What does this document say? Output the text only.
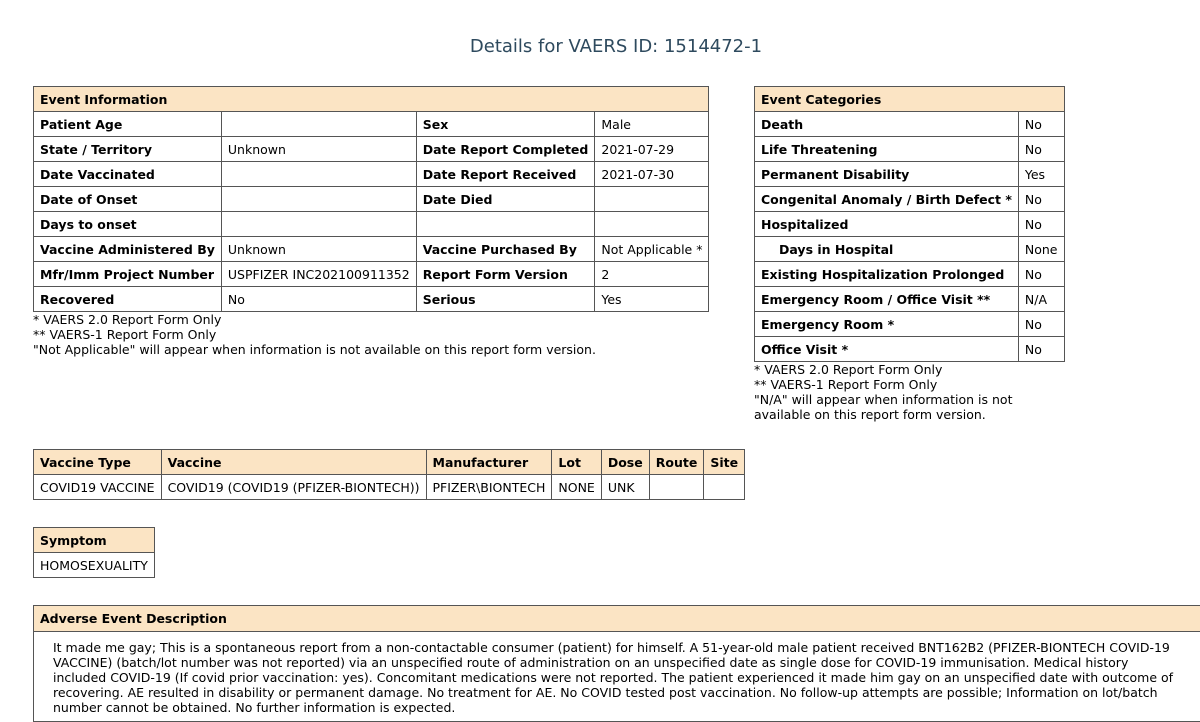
Details for VAERS ID: 1514472-1
Event Information			
Patient Age		Sex	Male
State / Territory	Unknown	Date Report Completed	2021-07-29
Date Vaccinated		Date Report Received	2021-07-30
Date of Onset		Date Died	
Days to onset			
Vaccine Administered By	Unknown	Vaccine Purchased By	Not Applicable *
Mfr/Imm Project Number	USPFIZER INC202100911352	Report Form Version	2
Recovered	No	Serious	Yes
* VAERS 2.0 Report Form Only
** VAERS-1 Report Form Only
"Not Applicable" will appear when information is not available on this report form version.
Event Categories	
Death	No
Life Threatening	No
Permanent Disability	Yes
Congenital Anomaly / Birth Defect *	No
Hospitalized	No
Days in Hospital	None
Existing Hospitalization Prolonged	No
Emergency Room / Office Visit **	N/A
Emergency Room *	No
Office Visit *	No
* VAERS 2.0 Report Form Only
** VAERS-1 Report Form Only
"N/A" will appear when information is not
available on this report form version.
Vaccine Type	Vaccine	Manufacturer	Lot	Dose	Route	Site
COVID19 VACCINE	COVID19 (COVID19 (PFIZER-BIONTECH))	PFIZER\BIONTECH	NONE	UNK		
Symptom
HOMOSEXUALITY
Adverse Event Description
It made me gay; This is a spontaneous report from a non-contactable consumer (patient) for himself. A 51-year-old male patient received BNT162B2 (PFIZER-BIONTECH COVID-19 VACCINE) (batch/lot number was not reported) via an unspecified route of administration on an unspecified date as single dose for COVID-19 immunisation. Medical history included COVID-19 (If covid prior vaccination: yes). Concomitant medications were not reported. The patient experienced it made him gay on an unspecified date with outcome of recovering. AE resulted in disability or permanent damage. No treatment for AE. No COVID tested post vaccination. No follow-up attempts are possible; Information on lot/batch number cannot be obtained. No further information is expected.
